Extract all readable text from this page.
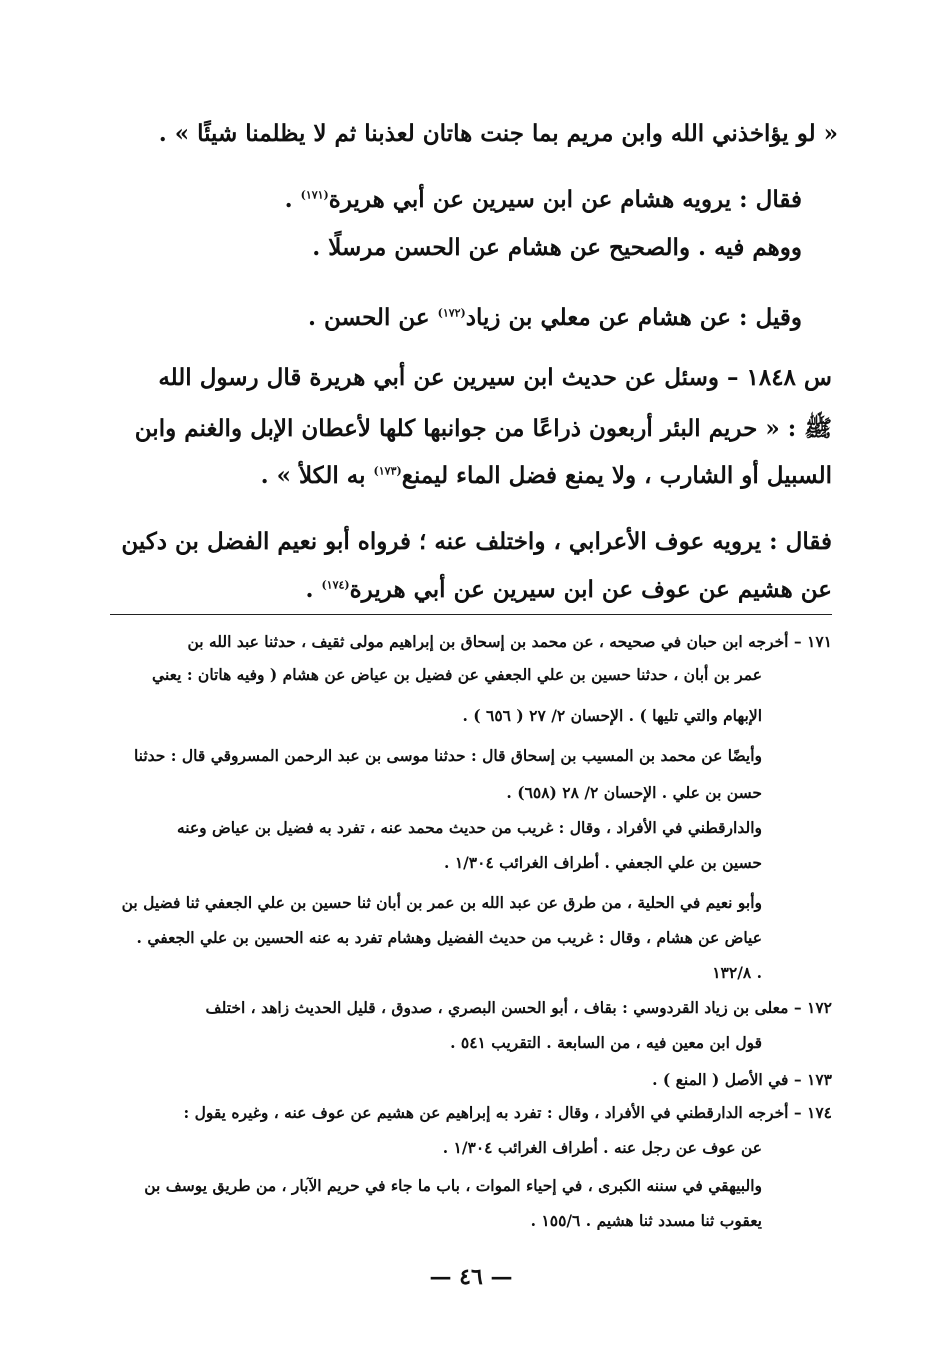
« لو يؤاخذني الله وابن مريم بما جنت هاتان لعذبنا ثم لا يظلمنا شيئًا » .
فقال : يرويه هشام عن ابن سيرين عن أبي هريرة$^{(١٧١)}$ .
ووهم فيه . والصحيح عن هشام عن الحسن مرسلًا .
وقيل : عن هشام عن معلي بن زياد$^{(١٧٢)}$ عن الحسن .
س ١٨٤٨ – وسئل عن حديث ابن سيرين عن أبي هريرة قال رسول الله
ﷺ : « حريم البئر أربعون ذراعًا من جوانبها كلها لأعطان الإبل والغنم وابن
السبيل أو الشارب ، ولا يمنع فضل الماء ليمنع$^{(١٧٣)}$ به الكلأ » .
فقال : يرويه عوف الأعرابي ، واختلف عنه ؛ فرواه أبو نعيم الفضل بن دكين
عن هشيم عن عوف عن ابن سيرين عن أبي هريرة$^{(١٧٤)}$ .
١٧١ – أخرجه ابن حبان في صحيحه ، عن محمد بن إسحاق بن إبراهيم مولى ثقيف ، حدثنا عبد الله بن
عمر بن أبان ، حدثنا حسين بن علي الجعفي عن فضيل بن عياض عن هشام ( وفيه هاتان : يعني
الإبهام والتي تليها ) . الإحسان ٢/ ٢٧ ( ٦٥٦ ) .
وأيضًا عن محمد بن المسيب بن إسحاق قال : حدثنا موسى بن عبد الرحمن المسروقي قال : حدثنا
حسن بن علي . الإحسان ٢/ ٢٨ (٦٥٨) .
والدارقطني في الأفراد ، وقال : غريب من حديث محمد عنه ، تفرد به فضيل بن عياض وعنه
حسين بن علي الجعفي . أطراف الغرائب ١/٣٠٤ .
وأبو نعيم في الحلية ، من طرق عن عبد الله بن عمر بن أبان ثنا حسين بن علي الجعفي ثنا فضيل بن
عياض عن هشام ، وقال : غريب من حديث الفضيل وهشام تفرد به عنه الحسين بن علي الجعفي .
١٣٢/٨ .
١٧٢ – معلى بن زياد القردوسي : بقاف ، أبو الحسن البصري ، صدوق ، قليل الحديث زاهد ، اختلف
قول ابن معين فيه ، من السابعة . التقريب ٥٤١ .
١٧٣ – في الأصل ( المنع ) .
١٧٤ – أخرجه الدارقطني في الأفراد ، وقال : تفرد به إبراهيم عن هشيم عن عوف عنه ، وغيره يقول :
عن عوف عن رجل عنه . أطراف الغرائب ١/٣٠٤ .
والبيهقي في سننه الكبرى ، في إحياء الموات ، باب ما جاء في حريم الآبار ، من طريق يوسف بن
يعقوب ثنا مسدد ثنا هشيم . ١٥٥/٦ .
— ٤٦ —
